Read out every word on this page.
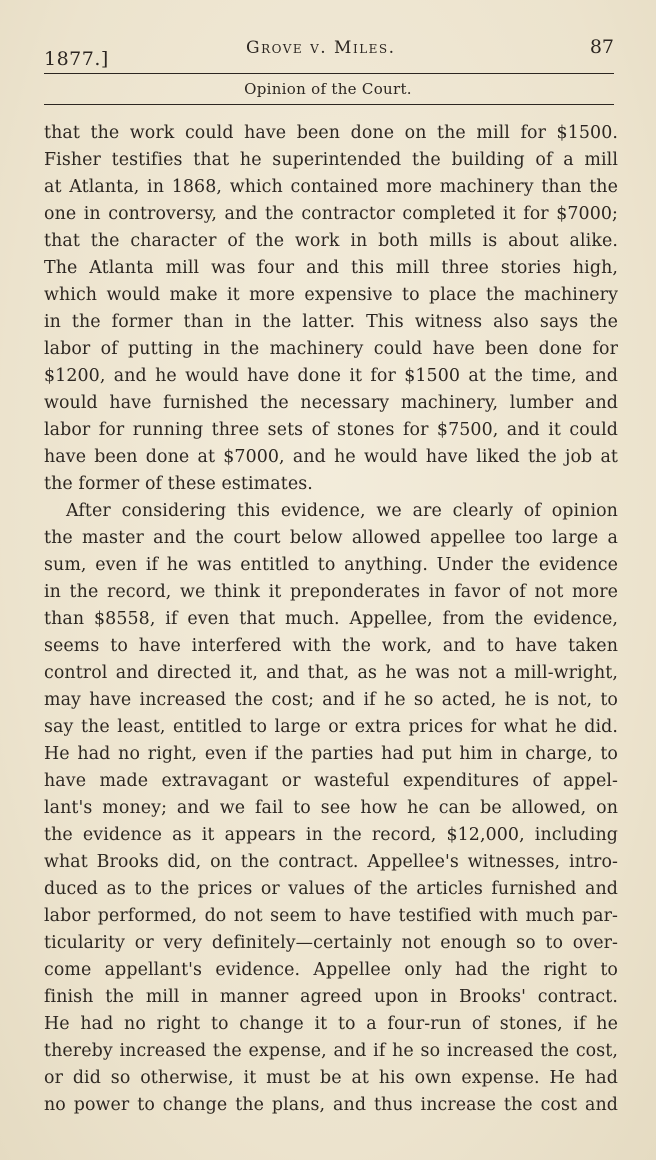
1877.]	Grove v. Miles.	87
Opinion of the Court.
that the work could have been done on the mill for $1500.
Fisher testifies that he superintended the building of a mill
at Atlanta, in 1868, which contained more machinery than the
one in controversy, and the contractor completed it for $7000;
that the character of the work in both mills is about alike.
The Atlanta mill was four and this mill three stories high,
which would make it more expensive to place the machinery
in the former than in the latter. This witness also says the
labor of putting in the machinery could have been done for
$1200, and he would have done it for $1500 at the time, and
would have furnished the necessary machinery, lumber and
labor for running three sets of stones for $7500, and it could
have been done at $7000, and he would have liked the job at
the former of these estimates.
After considering this evidence, we are clearly of opinion
the master and the court below allowed appellee too large a
sum, even if he was entitled to anything. Under the evidence
in the record, we think it preponderates in favor of not more
than $8558, if even that much. Appellee, from the evidence,
seems to have interfered with the work, and to have taken
control and directed it, and that, as he was not a mill-wright,
may have increased the cost; and if he so acted, he is not, to
say the least, entitled to large or extra prices for what he did.
He had no right, even if the parties had put him in charge, to
have made extravagant or wasteful expenditures of appel-
lant's money; and we fail to see how he can be allowed, on
the evidence as it appears in the record, $12,000, including
what Brooks did, on the contract. Appellee's witnesses, intro-
duced as to the prices or values of the articles furnished and
labor performed, do not seem to have testified with much par-
ticularity or very definitely—certainly not enough so to over-
come appellant's evidence. Appellee only had the right to
finish the mill in manner agreed upon in Brooks' contract.
He had no right to change it to a four-run of stones, if he
thereby increased the expense, and if he so increased the cost,
or did so otherwise, it must be at his own expense. He had
no power to change the plans, and thus increase the cost and
